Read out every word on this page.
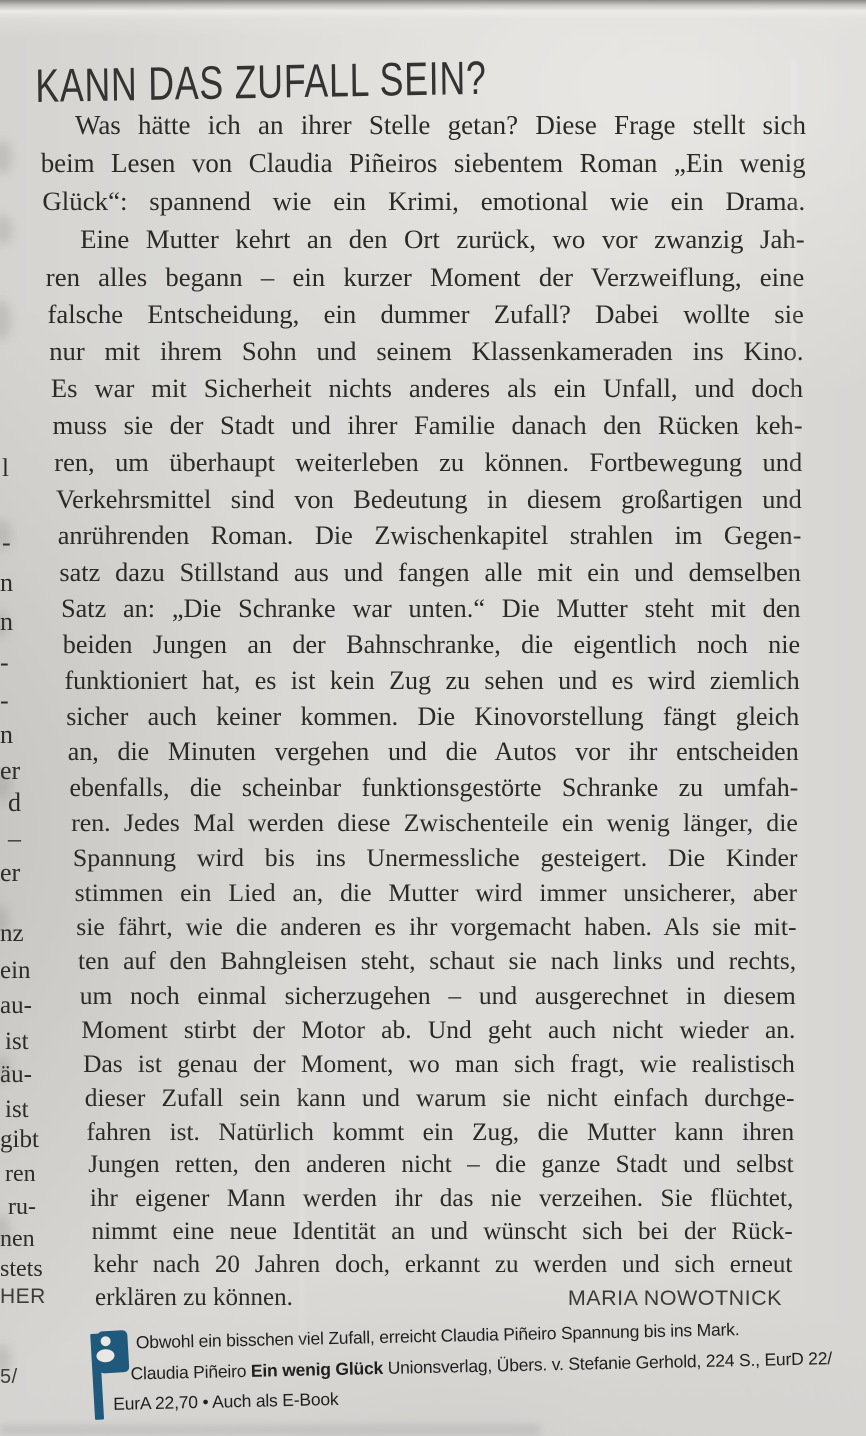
KANN DAS ZUFALL SEIN?
Was hätte ich an ihrer Stelle getan? Diese Frage stellt sich
beim Lesen von Claudia Piñeiros siebentem Roman „Ein wenig
Glück“: spannend wie ein Krimi, emotional wie ein Drama.
Eine Mutter kehrt an den Ort zurück, wo vor zwanzig Jah-
ren alles begann – ein kurzer Moment der Verzweiflung, eine
falsche Entscheidung, ein dummer Zufall? Dabei wollte sie
nur mit ihrem Sohn und seinem Klassenkameraden ins Kino.
Es war mit Sicherheit nichts anderes als ein Unfall, und doch
muss sie der Stadt und ihrer Familie danach den Rücken keh-
ren, um überhaupt weiterleben zu können. Fortbewegung und
Verkehrsmittel sind von Bedeutung in diesem großartigen und
anrührenden Roman. Die Zwischenkapitel strahlen im Gegen-
satz dazu Stillstand aus und fangen alle mit ein und demselben
Satz an: „Die Schranke war unten.“ Die Mutter steht mit den
beiden Jungen an der Bahnschranke, die eigentlich noch nie
funktioniert hat, es ist kein Zug zu sehen und es wird ziemlich
sicher auch keiner kommen. Die Kinovorstellung fängt gleich
an, die Minuten vergehen und die Autos vor ihr entscheiden
ebenfalls, die scheinbar funktionsgestörte Schranke zu umfah-
ren. Jedes Mal werden diese Zwischenteile ein wenig länger, die
Spannung wird bis ins Unermessliche gesteigert. Die Kinder
stimmen ein Lied an, die Mutter wird immer unsicherer, aber
sie fährt, wie die anderen es ihr vorgemacht haben. Als sie mit-
ten auf den Bahngleisen steht, schaut sie nach links und rechts,
um noch einmal sicherzugehen – und ausgerechnet in diesem
Moment stirbt der Motor ab. Und geht auch nicht wieder an.
Das ist genau der Moment, wo man sich fragt, wie realistisch
dieser Zufall sein kann und warum sie nicht einfach durchge-
fahren ist. Natürlich kommt ein Zug, die Mutter kann ihren
Jungen retten, den anderen nicht – die ganze Stadt und selbst
ihr eigener Mann werden ihr das nie verzeihen. Sie flüchtet,
nimmt eine neue Identität an und wünscht sich bei der Rück-
kehr nach 20 Jahren doch, erkannt zu werden und sich erneut
erklären zu können.	MARIA NOWOTNICK
l
-
n
n
-
-
n
er
d
–
er
nz
ein
au-
ist
äu-
ist
gibt
ren
ru-
nen
stets
HER
5/
Obwohl ein bisschen viel Zufall, erreicht Claudia Piñeiro Spannung bis ins Mark.
Claudia Piñeiro Ein wenig Glück Unionsverlag, Übers. v. Stefanie Gerhold, 224 S., EurD 22/
EurA 22,70 • Auch als E-Book
